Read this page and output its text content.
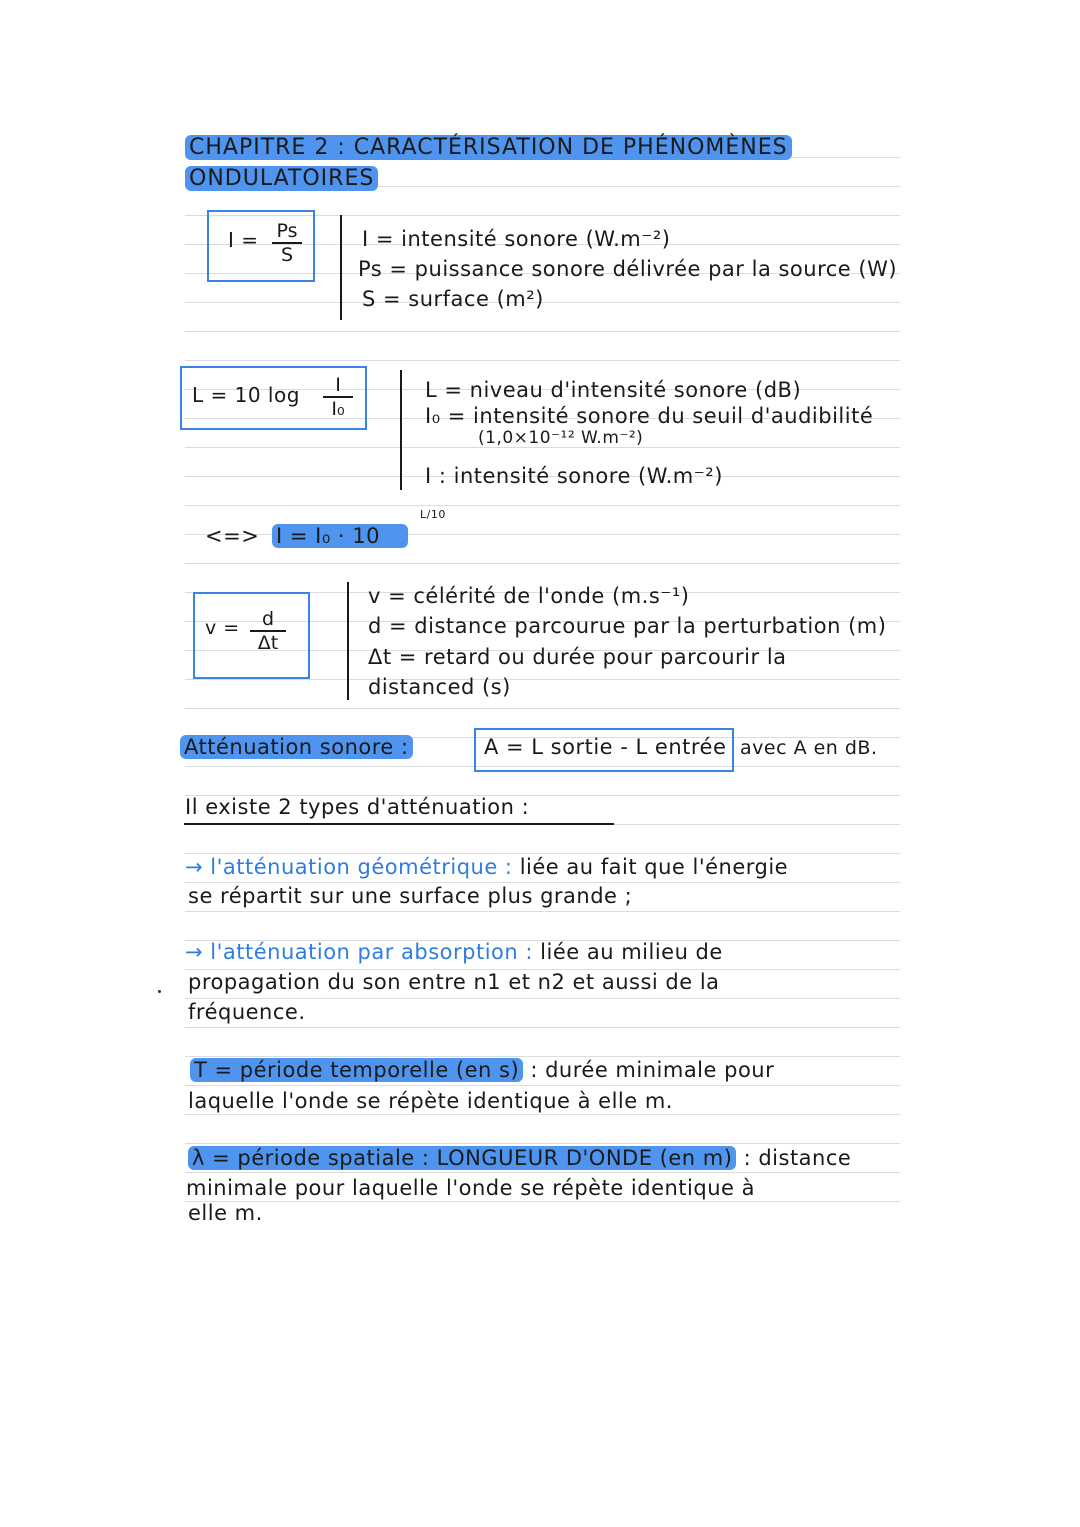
CHAPITRE 2 : CARACTÉRISATION DE PHÉNOMÈNES
ONDULATOIRES
$I = \frac{Ps}{S}$	I = intensité sonore (W.m⁻²)
Ps = puissance sonore délivrée par la source (W)
S = surface (m²)
L = 10 $\log \frac{I}{\text{I₀}}$	L = niveau d'intensité sonore (dB)
I₀ = intensité sonore du seuil d'audibilité
(1,0×10⁻¹² W.m⁻²)
I : intensité sonore (W.m⁻²)
<=> I = I₀ · 10
L/10
$v = \frac{d}{\Delta t}$
v = célérité de l'onde (m.s⁻¹)
d = distance parcourue par la perturbation (m)
Δt = retard ou durée pour parcourir la
distanced (s)
Atténuation sonore :	A = L sortie - L entrée avec A en dB.
Il existe 2 types d'atténuation :
→ l'atténuation géométrique : liée au fait que l'énergie
se répartit sur une surface plus grande ;
→ l'atténuation par absorption : liée au milieu de
propagation du son entre n1 et n2 et aussi de la
fréquence.
T = période temporelle (en s) : durée minimale pour
laquelle l'onde se répète identique à elle m.
λ = période spatiale : LONGUEUR D'ONDE (en m) : distance
minimale pour laquelle l'onde se répète identique à
elle m.
